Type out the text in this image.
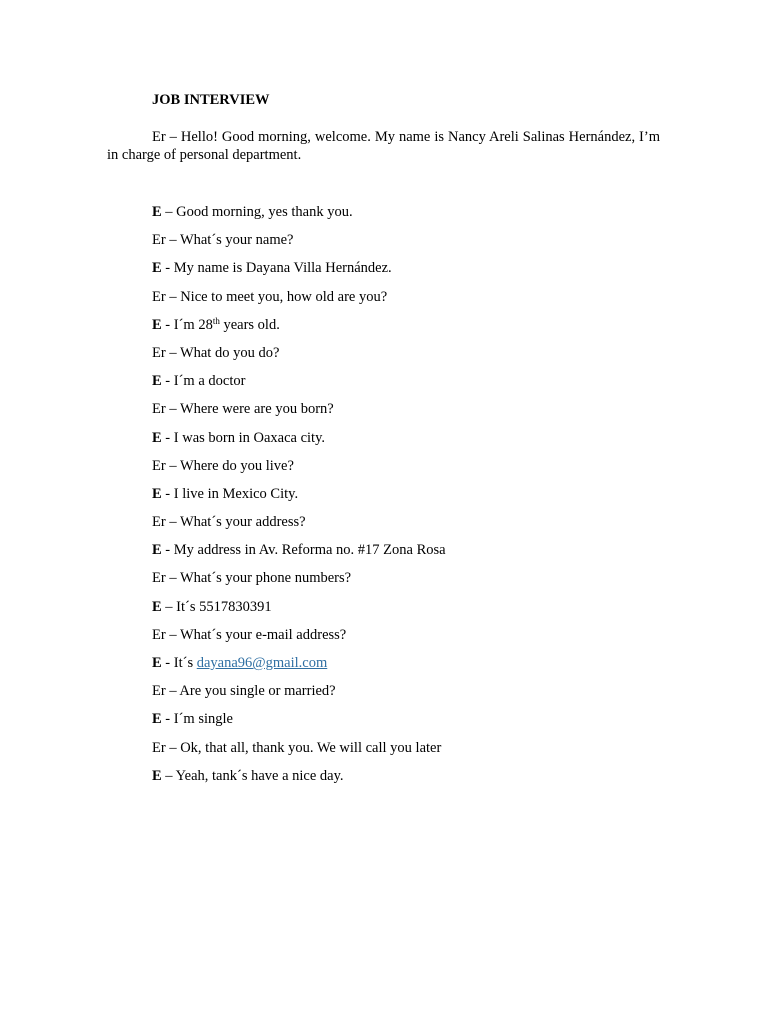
JOB INTERVIEW
Er – Hello! Good morning, welcome. My name is Nancy Areli Salinas Hernández, I’m in charge of personal department.
E – Good morning, yes thank you.
Er – What´s your name?
E - My name is Dayana Villa Hernández.
Er – Nice to meet you, how old are you?
E - I´m 28th years old.
Er – What do you do?
E - I´m a doctor
Er – Where were are you born?
E - I was born in Oaxaca city.
Er – Where do you live?
E - I live in Mexico City.
Er – What´s your address?
E - My address in Av. Reforma no. #17 Zona Rosa
Er – What´s your phone numbers?
E – It´s 5517830391
Er – What´s your e-mail address?
E - It´s dayana96@gmail.com
Er – Are you single or married?
E - I´m single
Er – Ok, that all, thank you. We will call you later
E – Yeah, tank´s have a nice day.
